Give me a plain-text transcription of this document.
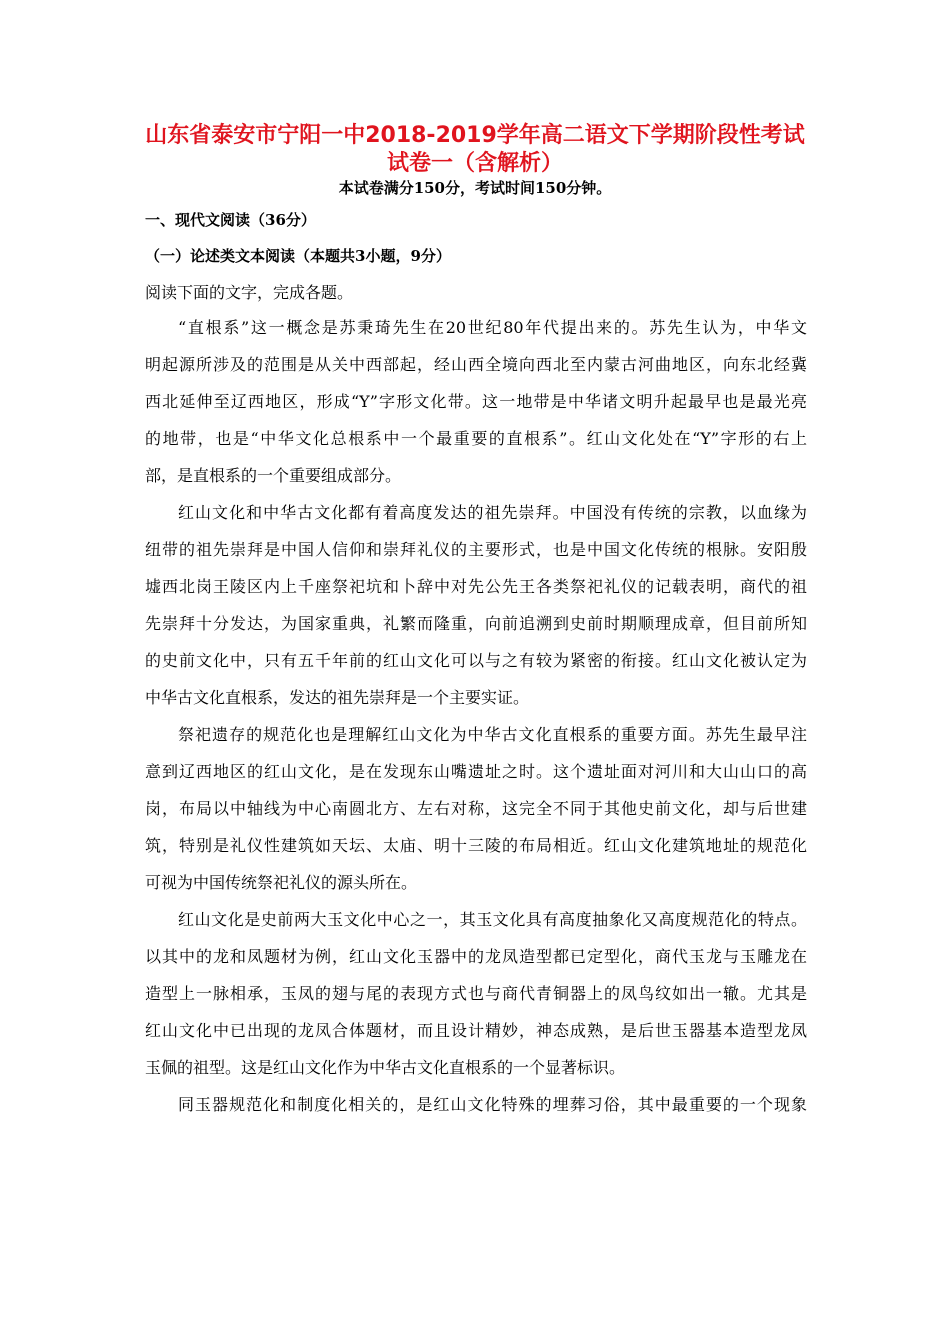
山东省泰安市宁阳一中2018-2019学年高二语文下学期阶段性考试
试卷一（含解析）
本试卷满分150分，考试时间150分钟。
一、现代文阅读（36分）
（一）论述类文本阅读（本题共3小题，9分）
阅读下面的文字，完成各题。
“直根系”这一概念是苏秉琦先生在20世纪80年代提出来的。苏先生认为，中华文
明起源所涉及的范围是从关中西部起，经山西全境向西北至内蒙古河曲地区，向东北经冀
西北延伸至辽西地区，形成“Y”字形文化带。这一地带是中华诸文明升起最早也是最光亮
的地带，也是“中华文化总根系中一个最重要的直根系”。红山文化处在“Y”字形的右上
部，是直根系的一个重要组成部分。
红山文化和中华古文化都有着高度发达的祖先崇拜。中国没有传统的宗教，以血缘为
纽带的祖先崇拜是中国人信仰和崇拜礼仪的主要形式，也是中国文化传统的根脉。安阳殷
墟西北岗王陵区内上千座祭祀坑和卜辞中对先公先王各类祭祀礼仪的记载表明，商代的祖
先崇拜十分发达，为国家重典，礼繁而隆重，向前追溯到史前时期顺理成章，但目前所知
的史前文化中，只有五千年前的红山文化可以与之有较为紧密的衔接。红山文化被认定为
中华古文化直根系，发达的祖先崇拜是一个主要实证。
祭祀遗存的规范化也是理解红山文化为中华古文化直根系的重要方面。苏先生最早注
意到辽西地区的红山文化，是在发现东山嘴遗址之时。这个遗址面对河川和大山山口的高
岗，布局以中轴线为中心南圆北方、左右对称，这完全不同于其他史前文化，却与后世建
筑，特别是礼仪性建筑如天坛、太庙、明十三陵的布局相近。红山文化建筑地址的规范化
可视为中国传统祭祀礼仪的源头所在。
红山文化是史前两大玉文化中心之一，其玉文化具有高度抽象化又高度规范化的特点。
以其中的龙和凤题材为例，红山文化玉器中的龙凤造型都已定型化，商代玉龙与玉雕龙在
造型上一脉相承，玉凤的翅与尾的表现方式也与商代青铜器上的凤鸟纹如出一辙。尤其是
红山文化中已出现的龙凤合体题材，而且设计精妙，神态成熟，是后世玉器基本造型龙凤
玉佩的祖型。这是红山文化作为中华古文化直根系的一个显著标识。
同玉器规范化和制度化相关的，是红山文化特殊的埋葬习俗，其中最重要的一个现象
